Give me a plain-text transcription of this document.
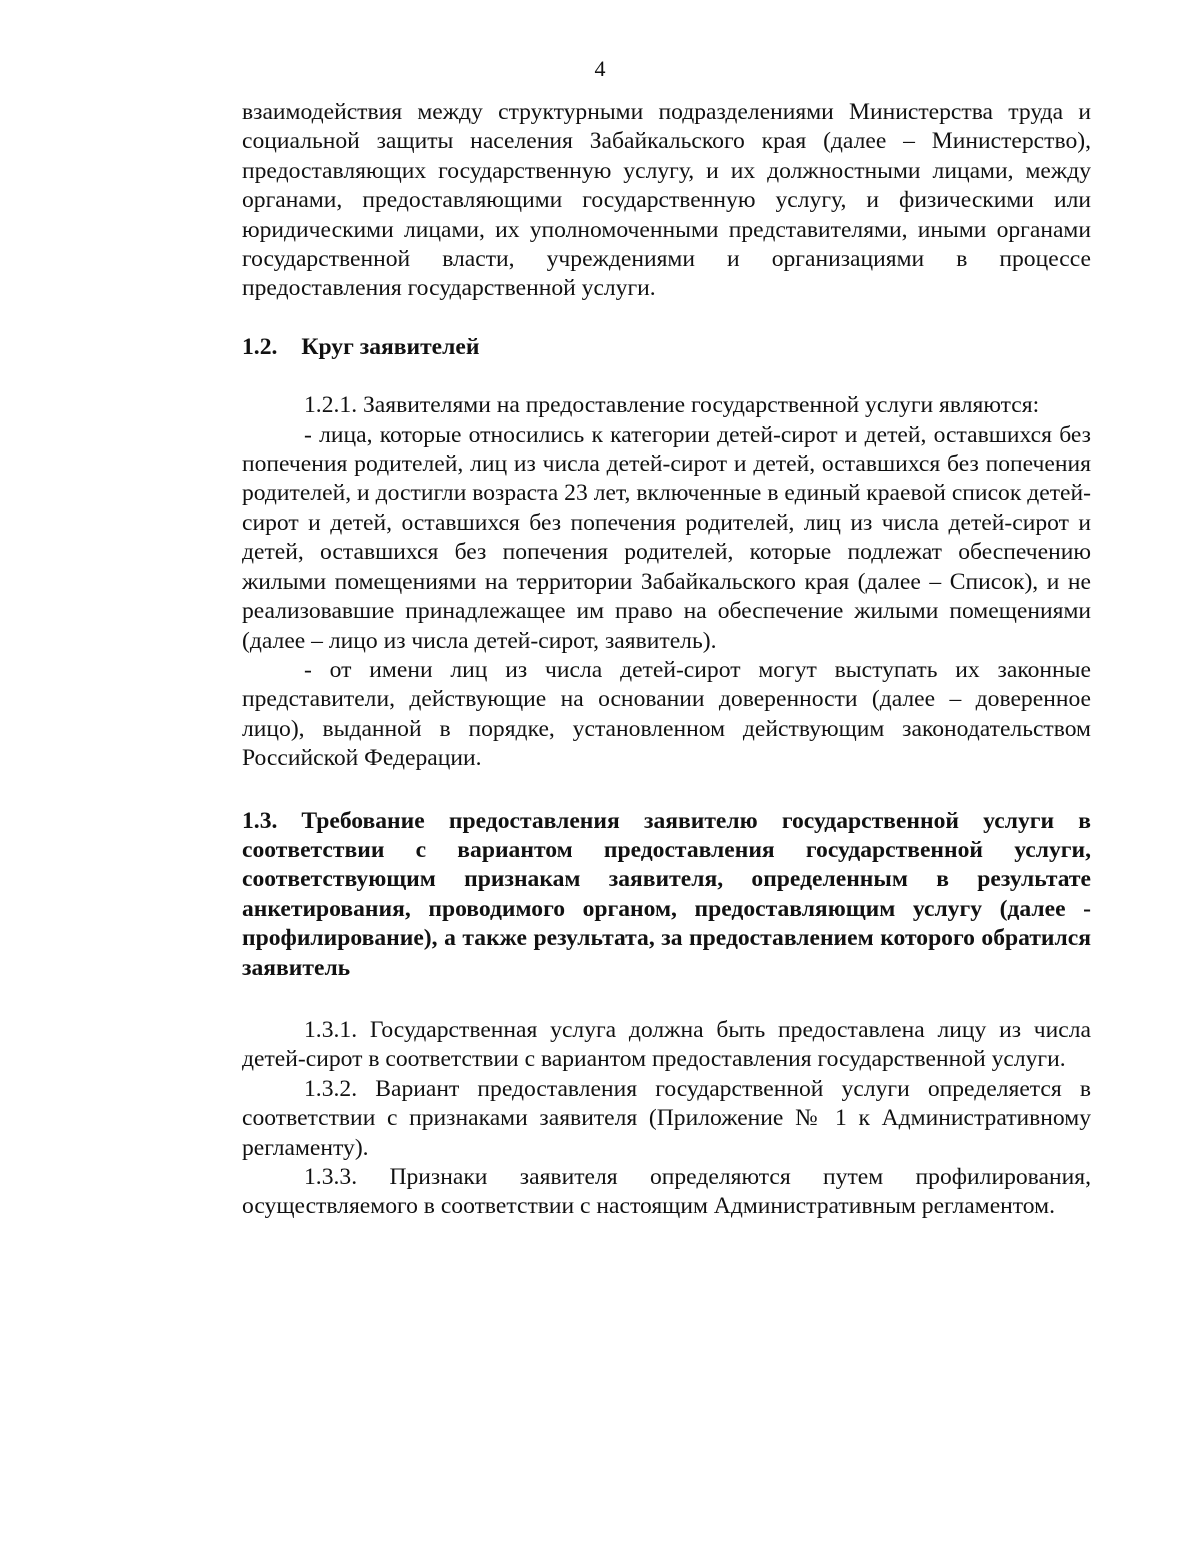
4

взаимодействия между структурными подразделениями Министерства труда и социальной защиты населения Забайкальского края (далее – Министерство), предоставляющих государственную услугу, и их должностными лицами, между органами, предоставляющими государственную услугу, и физическими или юридическими лицами, их уполномоченными представителями, иными органами государственной власти, учреждениями и организациями в процессе предоставления государственной услуги.

1.2. Круг заявителей

1.2.1. Заявителями на предоставление государственной услуги являются:

- лица, которые относились к категории детей-сирот и детей, оставшихся без попечения родителей, лиц из числа детей-сирот и детей, оставшихся без попечения родителей, и достигли возраста 23 лет, включенные в единый краевой список детей-сирот и детей, оставшихся без попечения родителей, лиц из числа детей-сирот и детей, оставшихся без попечения родителей, которые подлежат обеспечению жилыми помещениями на территории Забайкальского края (далее – Список), и не реализовавшие принадлежащее им право на обеспечение жилыми помещениями (далее – лицо из числа детей-сирот, заявитель).

- от имени лиц из числа детей-сирот могут выступать их законные представители, действующие на основании доверенности (далее – доверенное лицо), выданной в порядке, установленном действующим законодательством Российской Федерации.

1.3. Требование предоставления заявителю государственной услуги в соответствии с вариантом предоставления государственной услуги, соответствующим признакам заявителя, определенным в результате анкетирования, проводимого органом, предоставляющим услугу (далее - профилирование), а также результата, за предоставлением которого обратился заявитель

1.3.1. Государственная услуга должна быть предоставлена лицу из числа детей-сирот в соответствии с вариантом предоставления государственной услуги.

1.3.2. Вариант предоставления государственной услуги определяется в соответствии с признаками заявителя (Приложение № 1 к Административному регламенту).

1.3.3. Признаки заявителя определяются путем профилирования, осуществляемого в соответствии с настоящим Административным регламентом.
